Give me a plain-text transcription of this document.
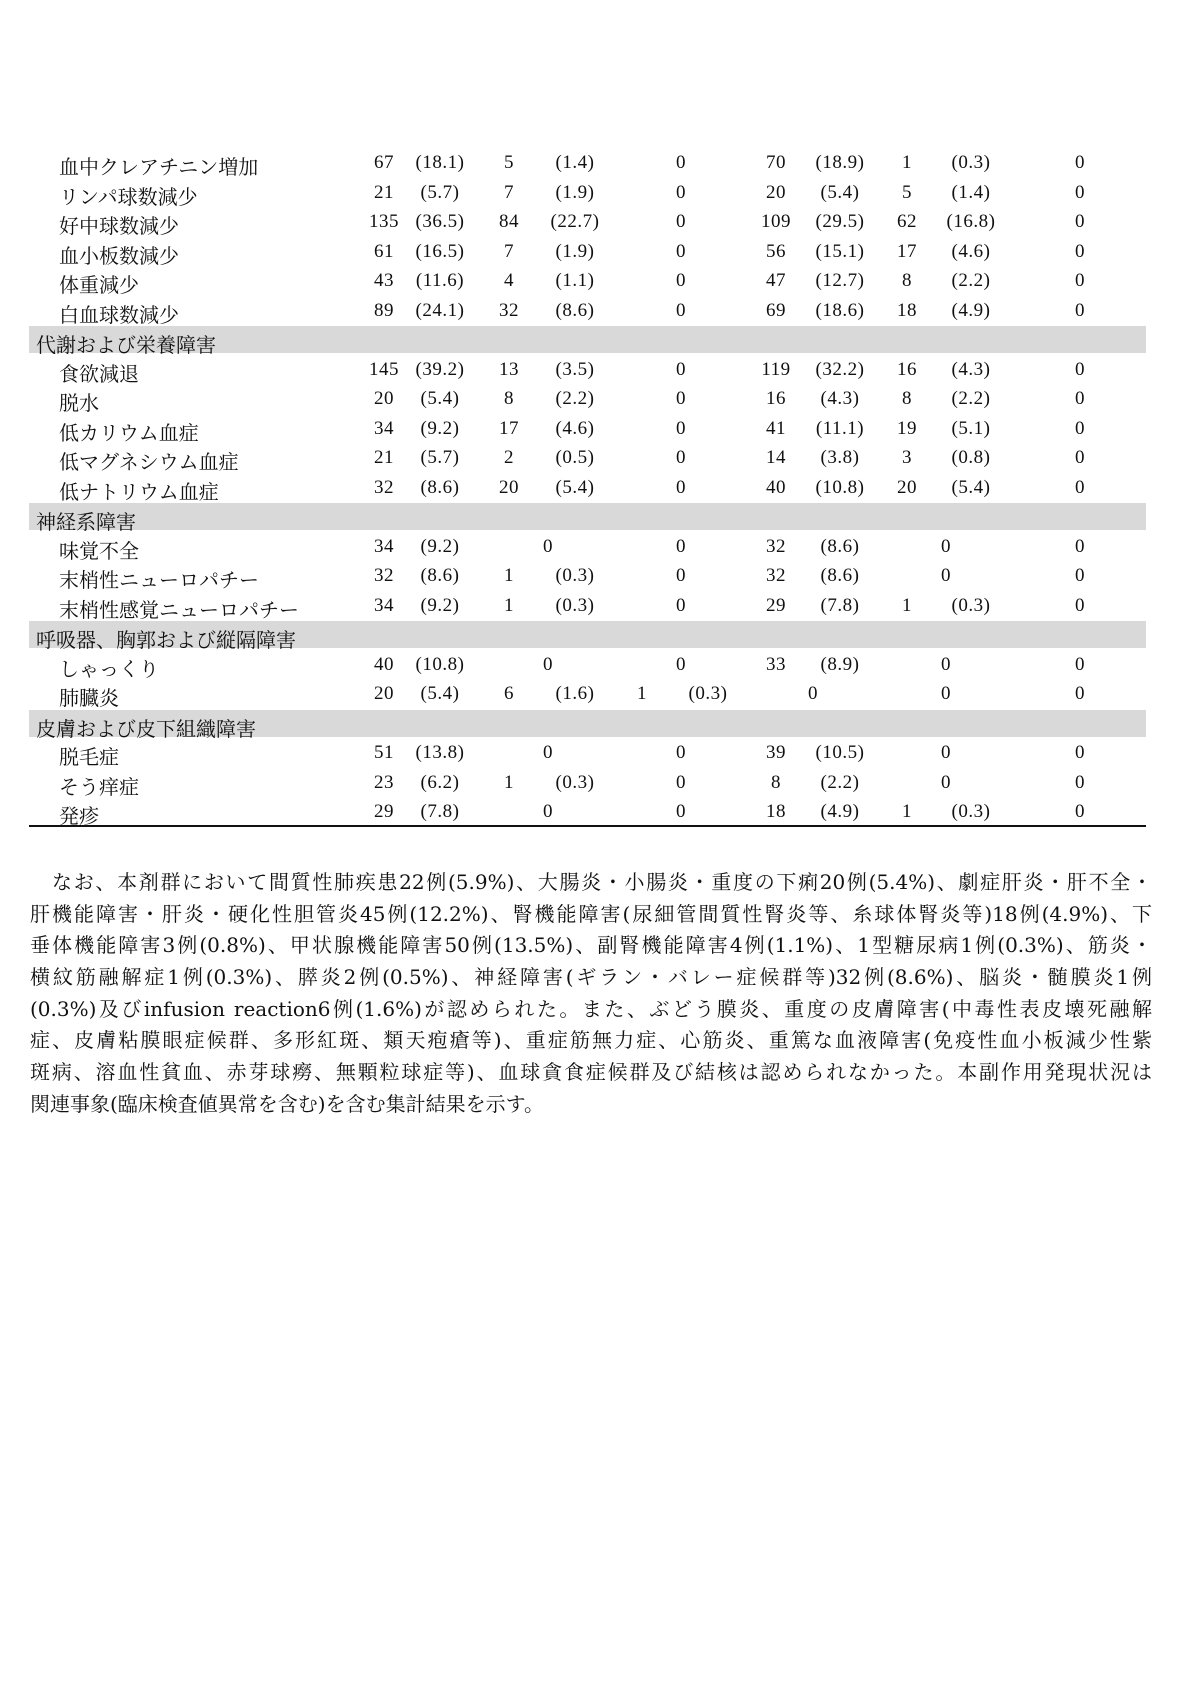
血中クレアチニン増加	67 (18.1) 5 (1.4)	0	70 (18.9) 1 (0.3)	0
リンパ球数減少	21 (5.7) 7 (1.9)	0	20 (5.4) 5 (1.4)	0
好中球数減少	135 (36.5) 84 (22.7)	0	109 (29.5) 62 (16.8)	0
血小板数減少	61 (16.5) 7 (1.9)	0	56 (15.1) 17 (4.6)	0
体重減少	43 (11.6) 4 (1.1)	0	47 (12.7) 8 (2.2)	0
白血球数減少	89 (24.1) 32 (8.6)	0	69 (18.6) 18 (4.9)	0
代謝および栄養障害
食欲減退	145 (39.2) 13 (3.5)	0	119 (32.2) 16 (4.3)	0
脱水	20 (5.4) 8 (2.2)	0	16 (4.3) 8 (2.2)	0
低カリウム血症	34 (9.2) 17 (4.6)	0	41 (11.1) 19 (5.1)	0
低マグネシウム血症	21 (5.7) 2 (0.5)	0	14 (3.8) 3 (0.8)	0
低ナトリウム血症	32 (8.6) 20 (5.4)	0	40 (10.8) 20 (5.4)	0
神経系障害
味覚不全	34 (9.2)	0	0	32 (8.6)	0	0
末梢性ニューロパチー	32 (8.6) 1 (0.3)	0	32 (8.6)	0	0
末梢性感覚ニューロパチー	34 (9.2) 1 (0.3)	0	29 (7.8) 1 (0.3)	0
呼吸器、胸郭および縦隔障害
しゃっくり	40 (10.8)	0	0	33 (8.9)	0	0
肺臓炎	20 (5.4) 6 (1.6) 1 (0.3)	0	0	0
皮膚および皮下組織障害
脱毛症	51 (13.8)	0	0	39 (10.5)	0	0
そう痒症	23 (6.2) 1 (0.3)	0	8 (2.2)	0	0
発疹	29 (7.8)	0	0	18 (4.9) 1 (0.3)	0
なお、本剤群において間質性肺疾患22例(5.9%)、大腸炎・小腸炎・重度の下痢20例(5.4%)、劇症肝炎・肝不全・
肝機能障害・肝炎・硬化性胆管炎45例(12.2%)、腎機能障害(尿細管間質性腎炎等、糸球体腎炎等)18例(4.9%)、下
垂体機能障害3例(0.8%)、甲状腺機能障害50例(13.5%)、副腎機能障害4例(1.1%)、1型糖尿病1例(0.3%)、筋炎・
横紋筋融解症1例(0.3%)、膵炎2例(0.5%)、神経障害(ギラン・バレー症候群等)32例(8.6%)、脳炎・髄膜炎1例
(0.3%)及びinfusion reaction6例(1.6%)が認められた。また、ぶどう膜炎、重度の皮膚障害(中毒性表皮壊死融解
症、皮膚粘膜眼症候群、多形紅斑、類天疱瘡等)、重症筋無力症、心筋炎、重篤な血液障害(免疫性血小板減少性紫
斑病、溶血性貧血、赤芽球癆、無顆粒球症等)、血球貪食症候群及び結核は認められなかった。本副作用発現状況は
関連事象(臨床検査値異常を含む)を含む集計結果を示す。
